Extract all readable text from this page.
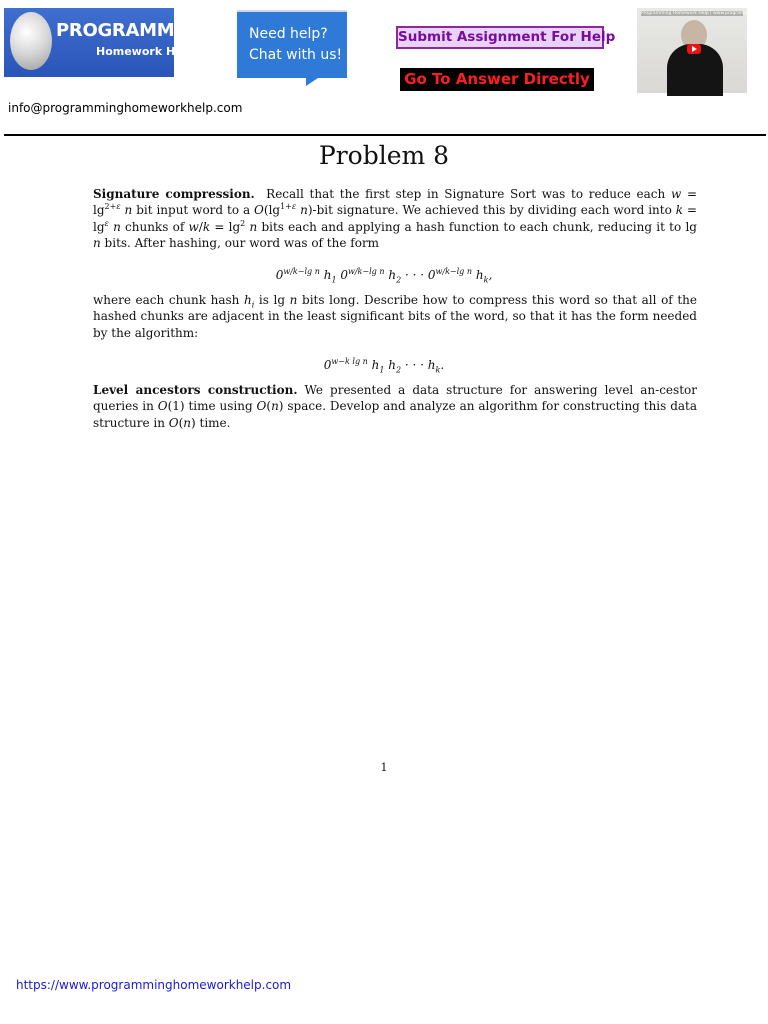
PROGRAMMING
Homework Help
Need help?
Chat with us!
Submit Assignment For Help
Go To Answer Directly
Programming Homework Help | www.programming...
info@programminghomeworkhelp.com
Problem 8
Signature compression.  Recall that the first step in Signature Sort was to reduce each $w = \lg^{2+\varepsilon} n$ bit input word to a $O(\lg^{1+\varepsilon}$ n)-bit signature. We achieved this by dividing each word into $k = \lg^\varepsilon n$ chunks of $w/k = \lg^2 n$ bits each and applying a hash function to each chunk, reducing it to lg n bits. After hashing, our word was of the form
$0^{w/k-lg n}$ $h_1$ $0^{w/k-lg n}$ $h_2$ · · · $0^{w/k-lg n}$ $h_k$,
where each chunk hash $h_i$ is lg n bits long. Describe how to compress this word so that all of the hashed chunks are adjacent in the least significant bits of the word, so that it has the form needed by the algorithm:
$0^{w-k lg n}$ $h_1$ $h_2$ · · · $h_k$.
Level ancestors construction. We presented a data structure for answering level an-cestor queries in O(1) time using O(n) space. Develop and analyze an algorithm for constructing this data structure in O(n) time.
1
https://www.programminghomeworkhelp.com
